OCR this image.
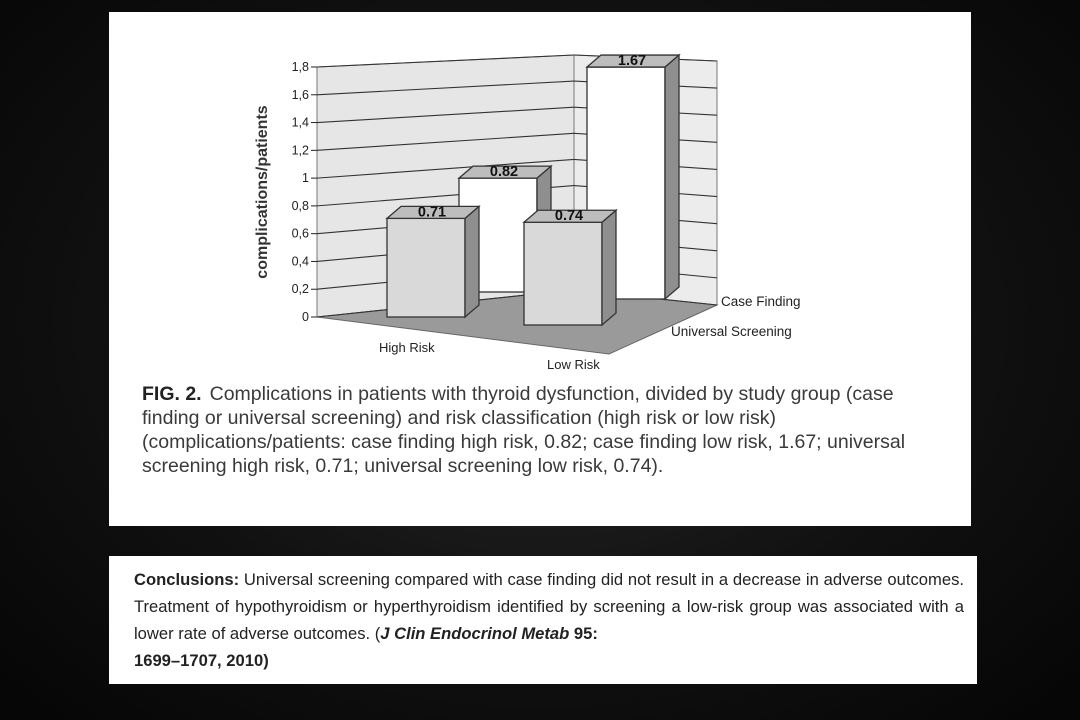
0
0,2
0,4
0,6
0,8
1
1,2
1,4
1,6
1,8
complications/patients	0.82
1.67
0.71	0.74
High Risk
Low Risk
Case Finding
Universal Screening
FIG. 2. Complications in patients with thyroid dysfunction, divided by study group (case finding or universal screening) and risk classification (high risk or low risk) (complications/patients: case finding high risk, 0.82; case finding low risk, 1.67; universal screening high risk, 0.71; universal screening low risk, 0.74).
Conclusions: Universal screening compared with case finding did not result in a decrease in adverse outcomes. Treatment of hypothyroidism or hyperthyroidism identified by screening a low-risk group was associated with a lower rate of adverse outcomes. (J Clin Endocrinol Metab 95:
1699–1707, 2010)
